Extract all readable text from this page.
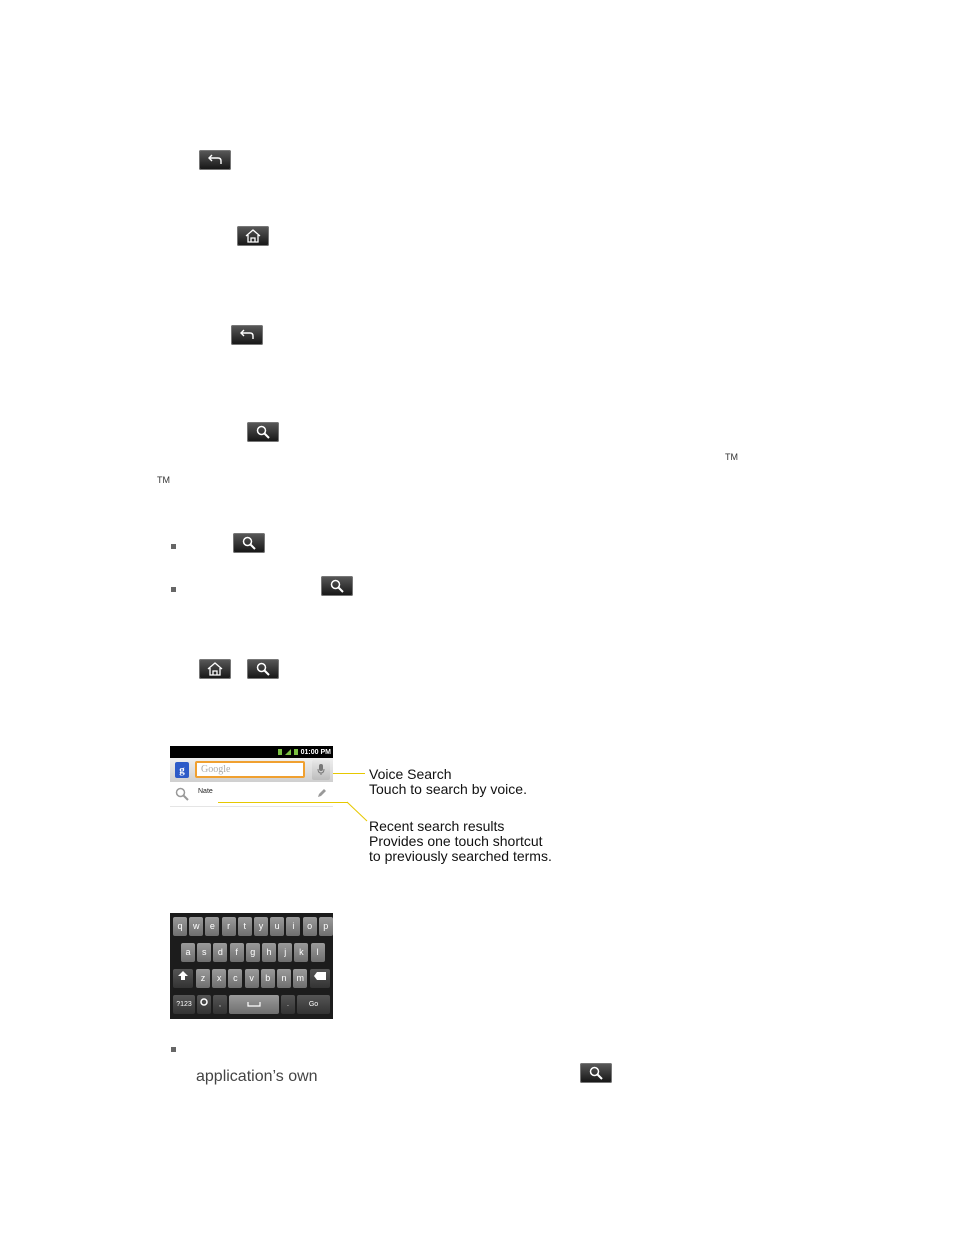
TM
TM
01:00 PM
g	Google
Nate
Voice Search
Touch to search by voice.
Recent search results
Provides one touch shortcut
to previously searched terms.
q	w	e	r	t	y	u	i	o	p
a	s	d	f	g	h	j	k	l
z	x	c	v	b	n	m
?123	,	.	Go
application’s own
